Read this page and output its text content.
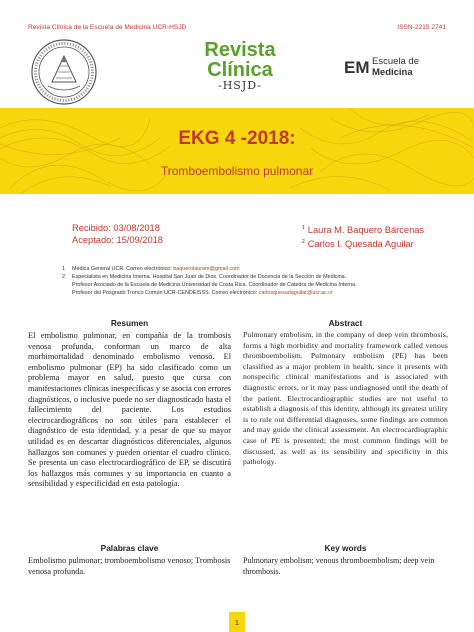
Revista Clínica de la Escuela de Medicina UCR-HSJD	ISSN-2215 2741
Revista
Clínica
-HSJD-
EM Escuela de
Medicina
EKG 4 -2018:
Tromboembolismo pulmonar
Recibido: 03/08/2018
Aceptado: 15/09/2018
$^1$ Laura M. Baquero Bárcenas
$^2$ Carlos I. Quesada Aguilar
1	Médica General UCR. Correo electrónico: baquerolauram@gmail.com
2	Especialista en Medicina Interna. Hospital San Juan de Dios. Coordinador de Docencia de la Sección de Medicina.
Profesor Asociado de la Escuela de Medicina Universidad de Costa Rica. Coordinador de Cátedra de Medicina Interna.
Profesor del Posgrado Tronco Común UCR-CENDEISSS. Correo electrónico: carlosquesadaguilar@ucr.ac.cr
Resumen
El embolismo pulmonar, en compañía de la trombosis venosa profunda, conforman un marco de alta morbimortalidad denominado embolismo venoso. El embolismo pulmonar (EP) ha sido clasificado como un problema mayor en salud, puesto que cursa con manifestaciones clínicas inespecíficas y se asocia con errores diagnósticos, o inclusive puede no ser diagnosticado hasta el fallecimiento del paciente. Los estudios electrocardiográficos no son útiles para establecer el diagnóstico de esta identidad, y a pesar de que su mayor utilidad es en descartar diagnósticos diferenciales, algunos hallazgos son comunes y pueden orientar el cuadro clínico. Se presenta un caso electrocardiográfico de EP, se discutirá los hallazgos más comunes y su importancia en cuanto a sensibilidad y especificidad en esta patología.
Abstract
Pulmonary embolism, in the company of deep vein thrombosis, forms a high morbidity and mortality framework called venous thromboembolism. Pulmonary embolism (PE) has been classified as a major problem in health, since it presents with nonspecific clinical manifestations and is associated with diagnostic errors, or it may pass undiagnosed until the death of the patient. Electrocardiographic studies are not useful to establish a diagnosis of this identity, although its greatest utility is to rule out differential diagnoses, some findings are common and may guide the clinical assessment. An electrocardiographic case of PE is presented; the most common findings will be discussed, as well as its sensibility and specificity in this pathology.
Palabras clave
Embolismo pulmonar; tromboembolismo venoso; Trombosis venosa profunda.
Key words
Pulmonary embolism; venous thromboembolism; deep vein thrombosis.
1
